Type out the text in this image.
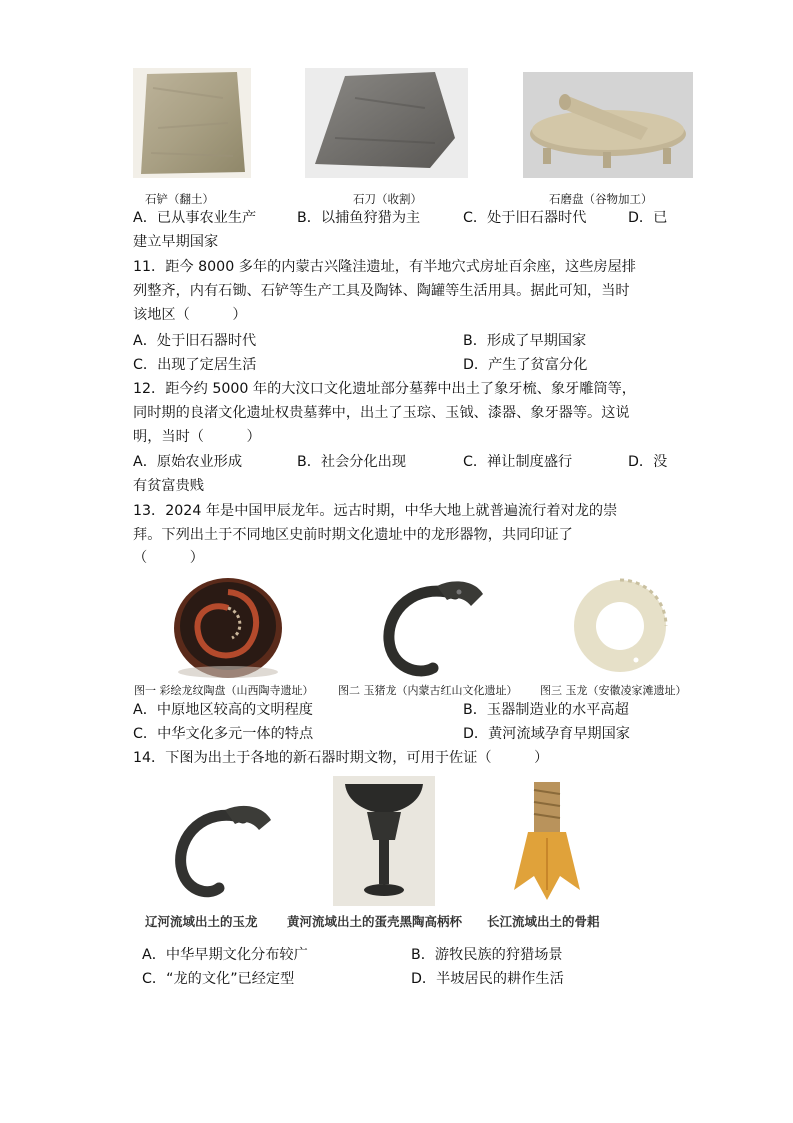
石铲（翻土）	石刀（收割）	石磨盘（谷物加工）
A．已从事农业生产	B．以捕鱼狩猎为主	C．处于旧石器时代	D．已
建立早期国家
11．距今 8000 多年的内蒙古兴隆洼遗址，有半地穴式房址百余座，这些房屋排
列整齐，内有石锄、石铲等生产工具及陶钵、陶罐等生活用具。据此可知，当时
该地区（　　　）
A．处于旧石器时代	B．形成了早期国家
C．出现了定居生活	D．产生了贫富分化
12．距今约 5000 年的大汶口文化遗址部分墓葬中出土了象牙梳、象牙雕筒等，
同时期的良渚文化遗址权贵墓葬中，出土了玉琮、玉钺、漆器、象牙器等。这说
明，当时（　　　）
A．原始农业形成	B．社会分化出现	C．禅让制度盛行	D．没
有贫富贵贱
13．2024 年是中国甲辰龙年。远古时期，中华大地上就普遍流行着对龙的崇
拜。下列出土于不同地区史前时期文化遗址中的龙形器物，共同印证了
（　　　）
图一 彩绘龙纹陶盘（山西陶寺遗址） 图二 玉猪龙（内蒙古红山文化遗址） 图三 玉龙（安徽凌家滩遗址）
A．中原地区较高的文明程度	B．玉器制造业的水平高超
C．中华文化多元一体的特点	D．黄河流域孕育早期国家
14．下图为出土于各地的新石器时期文物，可用于佐证（　　　）
辽河流域出土的玉龙 黄河流域出土的蛋壳黑陶高柄杯 长江流域出土的骨耜
A．中华早期文化分布较广	B．游牧民族的狩猎场景
C．“龙的文化”已经定型	D．半坡居民的耕作生活
